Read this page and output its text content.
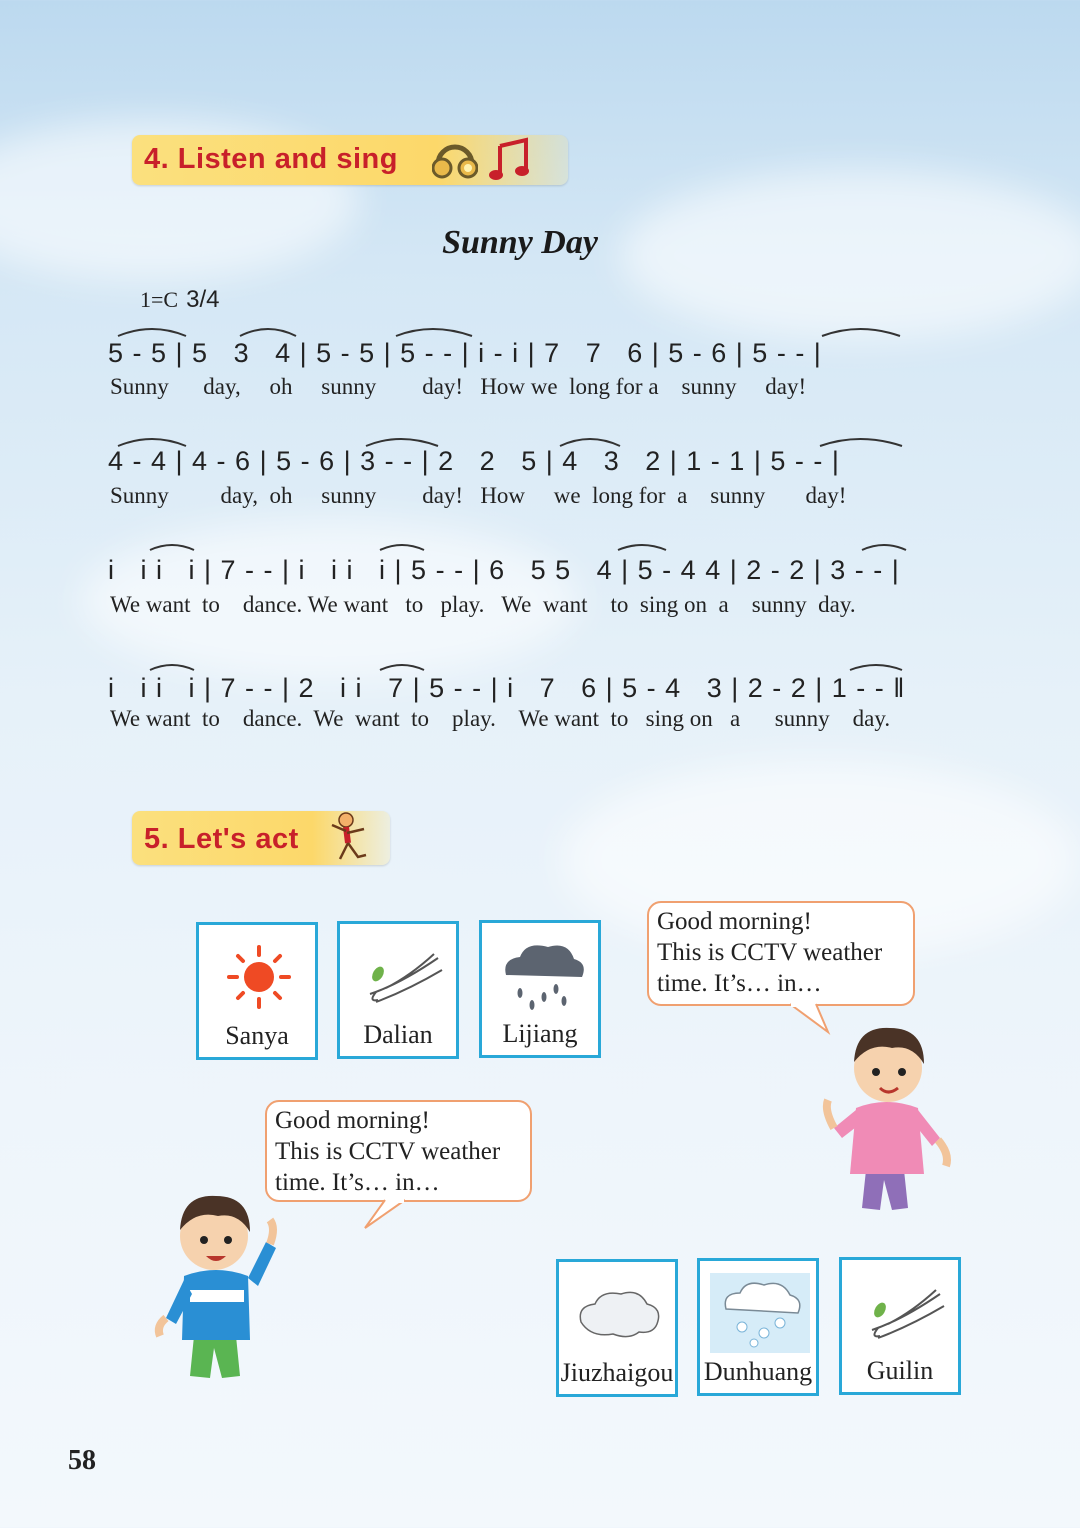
4. Listen and sing
Sunny Day
1=C 3/4
5 - 5 | 5   3   4 | 5 - 5 | 5 - - | i - i | 7   7   6 | 5 - 6 | 5 - - |
Sunny      day,     oh     sunny        day!   How we  long for a    sunny     day!
4 - 4 | 4 - 6 | 5 - 6 | 3 - - | 2   2   5 | 4   3   2 | 1 - 1 | 5 - - |
Sunny         day,  oh     sunny        day!   How     we  long for  a    sunny       day!
i   i i   i | 7 - - | i   i i   i | 5 - - | 6   5 5   4 | 5 - 4 4 | 2 - 2 | 3 - - |
We want  to    dance. We want   to   play.   We  want    to  sing on  a    sunny  day.
i   i i   i | 7 - - | 2   i i   7 | 5 - - | i   7   6 | 5 - 4   3 | 2 - 2 | 1 - - ‖
We want  to    dance.  We  want  to    play.    We want  to   sing on   a      sunny    day.
5. Let's act
Sanya	Dalian	Lijiang
Good morning!
This is CCTV weather
time. It’s… in…
Good morning!
This is CCTV weather
time. It’s… in…
Jiuzhaigou Dunhuang	Guilin
58
